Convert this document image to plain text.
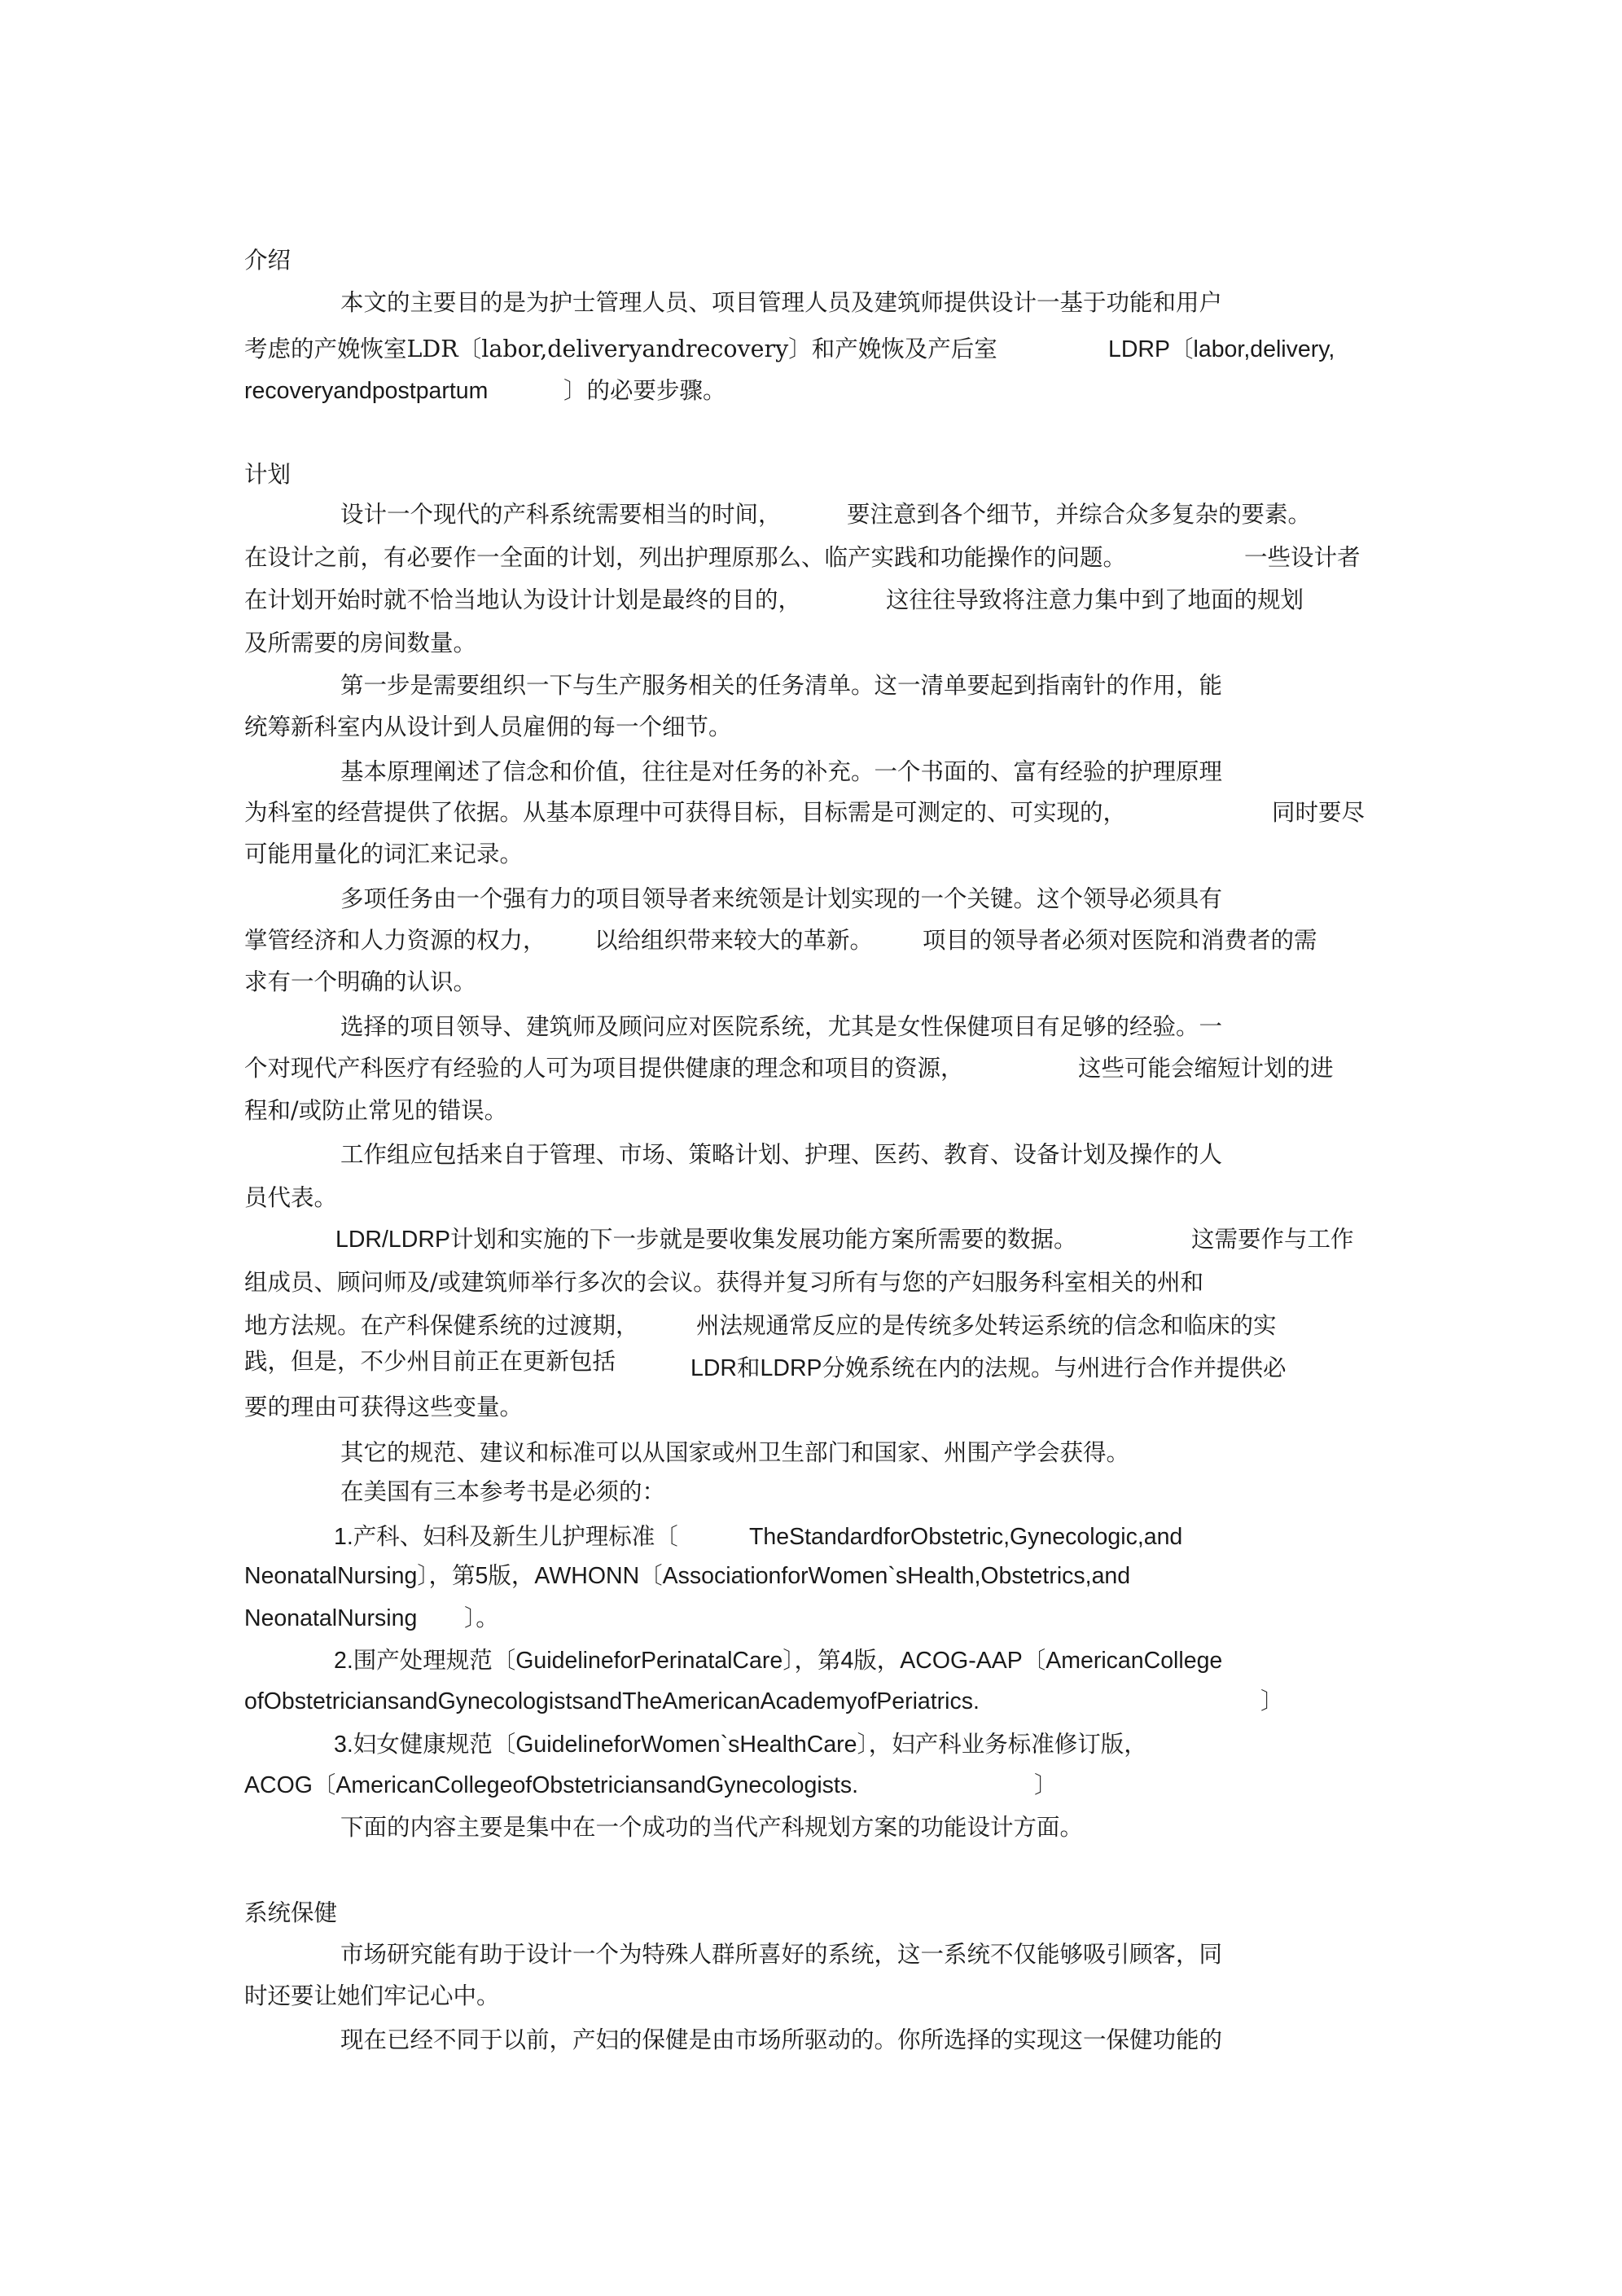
介绍
本文的主要目的是为护士管理人员、项目管理人员及建筑师提供设计一基于功能和用户
考虑的产娩恢室LDR〔labor,deliveryandrecovery〕和产娩恢及产后室	LDRP〔labor,delivery,
recoveryandpostpartum	〕的必要步骤。
计划
设计一个现代的产科系统需要相当的时间，	要注意到各个细节，并综合众多复杂的要素。
在设计之前，有必要作一全面的计划，列出护理原那么、临产实践和功能操作的问题。	一些设计者
在计划开始时就不恰当地认为设计计划是最终的目的，	这往往导致将注意力集中到了地面的规划
及所需要的房间数量。
第一步是需要组织一下与生产服务相关的任务清单。这一清单要起到指南针的作用，能
统筹新科室内从设计到人员雇佣的每一个细节。
基本原理阐述了信念和价值，往往是对任务的补充。一个书面的、富有经验的护理原理
为科室的经营提供了依据。从基本原理中可获得目标，目标需是可测定的、可实现的，	同时要尽
可能用量化的词汇来记录。
多项任务由一个强有力的项目领导者来统领是计划实现的一个关键。这个领导必须具有
掌管经济和人力资源的权力， 以给组织带来较大的革新。 项目的领导者必须对医院和消费者的需
求有一个明确的认识。
选择的项目领导、建筑师及顾问应对医院系统，尤其是女性保健项目有足够的经验。一
个对现代产科医疗有经验的人可为项目提供健康的理念和项目的资源，	这些可能会缩短计划的进
程和/或防止常见的错误。
工作组应包括来自于管理、市场、策略计划、护理、医药、教育、设备计划及操作的人
员代表。
LDR/LDRP计划和实施的下一步就是要收集发展功能方案所需要的数据。	这需要作与工作
组成员、顾问师及/或建筑师举行多次的会议。获得并复习所有与您的产妇服务科室相关的州和
地方法规。在产科保健系统的过渡期， 州法规通常反应的是传统多处转运系统的信念和临床的实
践，但是，不少州目前正在更新包括	LDR和LDRP分娩系统在内的法规。与州进行合作并提供必
要的理由可获得这些变量。
其它的规范、建议和标准可以从国家或州卫生部门和国家、州围产学会获得。
在美国有三本参考书是必须的：
1.产科、妇科及新生儿护理标准〔	TheStandardforObstetric,Gynecologic,and
NeonatalNursing〕，第5版，AWHONN〔AssociationforWomen`sHealth,Obstetrics,and
NeonatalNursing 〕。
2.围产处理规范〔GuidelineforPerinatalCare〕，第4版，ACOG-AAP〔AmericanCollege
ofObstetriciansandGynecologistsandTheAmericanAcademyofPeriatrics.	〕
3.妇女健康规范〔GuidelineforWomen`sHealthCare〕，妇产科业务标准修订版，
ACOG〔AmericanCollegeofObstetriciansandGynecologists.	〕
下面的内容主要是集中在一个成功的当代产科规划方案的功能设计方面。
系统保健
市场研究能有助于设计一个为特殊人群所喜好的系统，这一系统不仅能够吸引顾客，同
时还要让她们牢记心中。
现在已经不同于以前，产妇的保健是由市场所驱动的。你所选择的实现这一保健功能的
